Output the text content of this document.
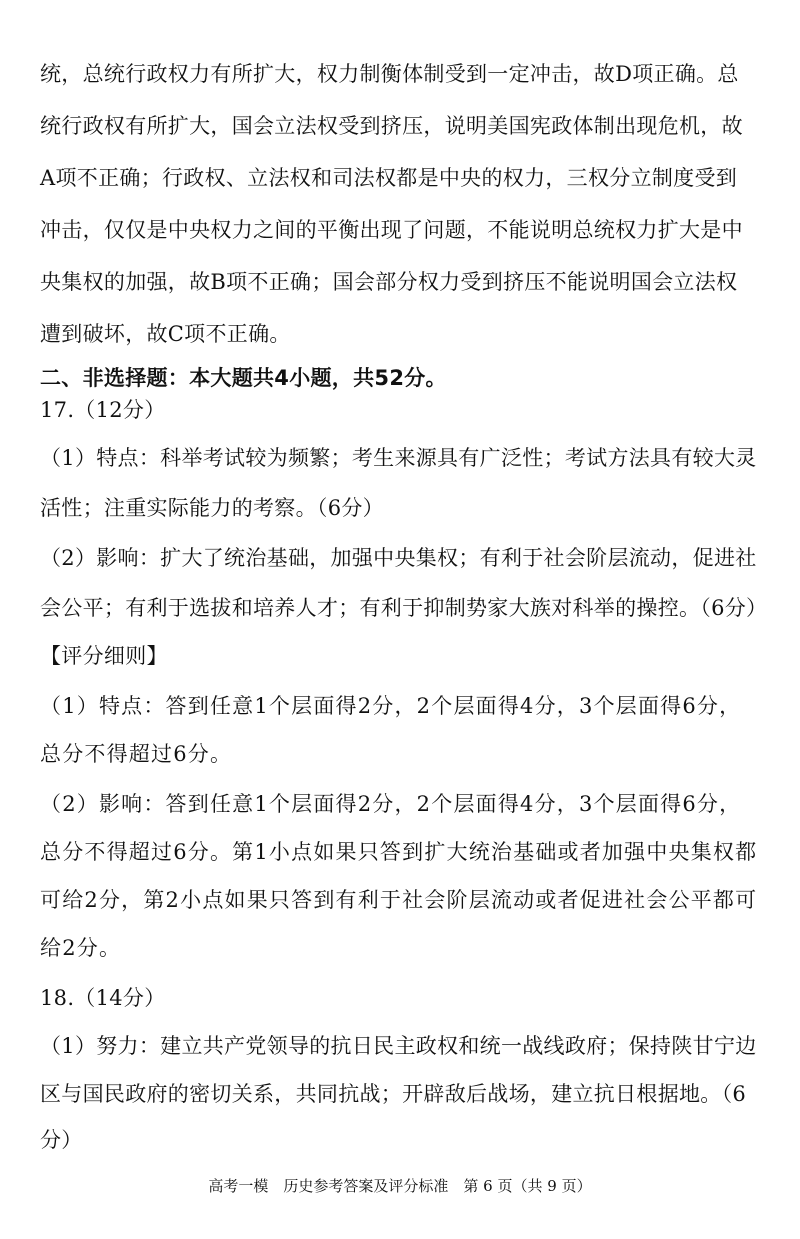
统，总统行政权力有所扩大，权力制衡体制受到一定冲击，故D项正确。总
统行政权有所扩大，国会立法权受到挤压，说明美国宪政体制出现危机，故
A项不正确；行政权、立法权和司法权都是中央的权力，三权分立制度受到
冲击，仅仅是中央权力之间的平衡出现了问题，不能说明总统权力扩大是中
央集权的加强，故B项不正确；国会部分权力受到挤压不能说明国会立法权
遭到破坏，故C项不正确。
二、非选择题：本大题共4小题，共52分。
17.（12分）
（1）特点：科举考试较为频繁；考生来源具有广泛性；考试方法具有较大灵
活性；注重实际能力的考察。（6分）
（2）影响：扩大了统治基础，加强中央集权；有利于社会阶层流动，促进社
会公平；有利于选拔和培养人才；有利于抑制势家大族对科举的操控。（6分）
【评分细则】
（1）特点：答到任意1个层面得2分，2个层面得4分，3个层面得6分，
总分不得超过6分。
（2）影响：答到任意1个层面得2分，2个层面得4分，3个层面得6分，
总分不得超过6分。第1小点如果只答到扩大统治基础或者加强中央集权都
可给2分，第2小点如果只答到有利于社会阶层流动或者促进社会公平都可
给2分。
18.（14分）
（1）努力：建立共产党领导的抗日民主政权和统一战线政府；保持陕甘宁边
区与国民政府的密切关系，共同抗战；开辟敌后战场，建立抗日根据地。（6
分）
高考一模　历史参考答案及评分标准　第 6 页（共 9 页）
